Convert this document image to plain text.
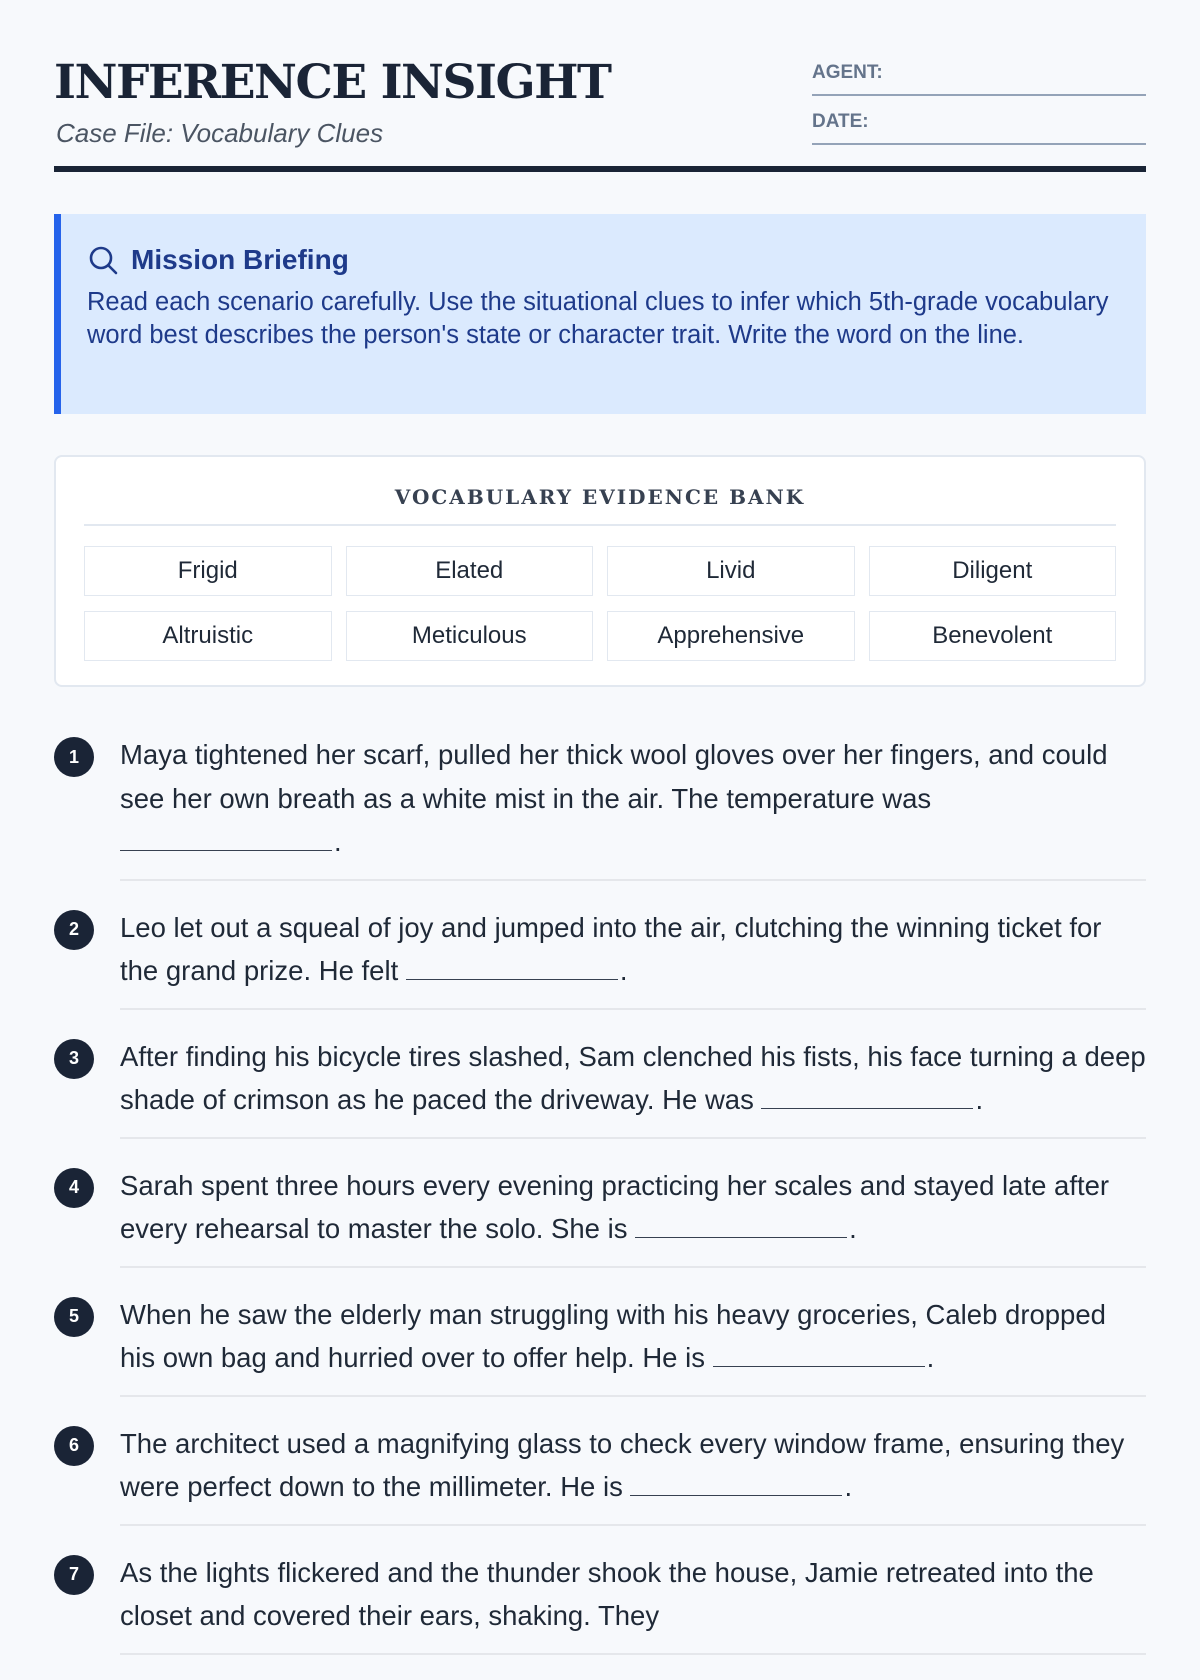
INFERENCE INSIGHT
Case File: Vocabulary Clues
AGENT:
DATE:
Mission Briefing
Read each scenario carefully. Use the situational clues to infer which 5th-grade vocabulary word best describes the person's state or character trait. Write the word on the line.
VOCABULARY EVIDENCE BANK
Frigid	Elated	Livid	Diligent
Altruistic	Meticulous	Apprehensive	Benevolent
1	Maya tightened her scarf, pulled her thick wool gloves over her fingers, and could see her own breath as a white mist in the air. The temperature was .
2	Leo let out a squeal of joy and jumped into the air, clutching the winning ticket for the grand prize. He felt	.
3	After finding his bicycle tires slashed, Sam clenched his fists, his face turning a deep shade of crimson as he paced the driveway. He was	.
4	Sarah spent three hours every evening practicing her scales and stayed late after every rehearsal to master the solo. She is	.
5	When he saw the elderly man struggling with his heavy groceries, Caleb dropped his own bag and hurried over to offer help. He is	.
6	The architect used a magnifying glass to check every window frame, ensuring they were perfect down to the millimeter. He is	.
7	As the lights flickered and the thunder shook the house, Jamie retreated into the closet and covered their ears, shaking. They
